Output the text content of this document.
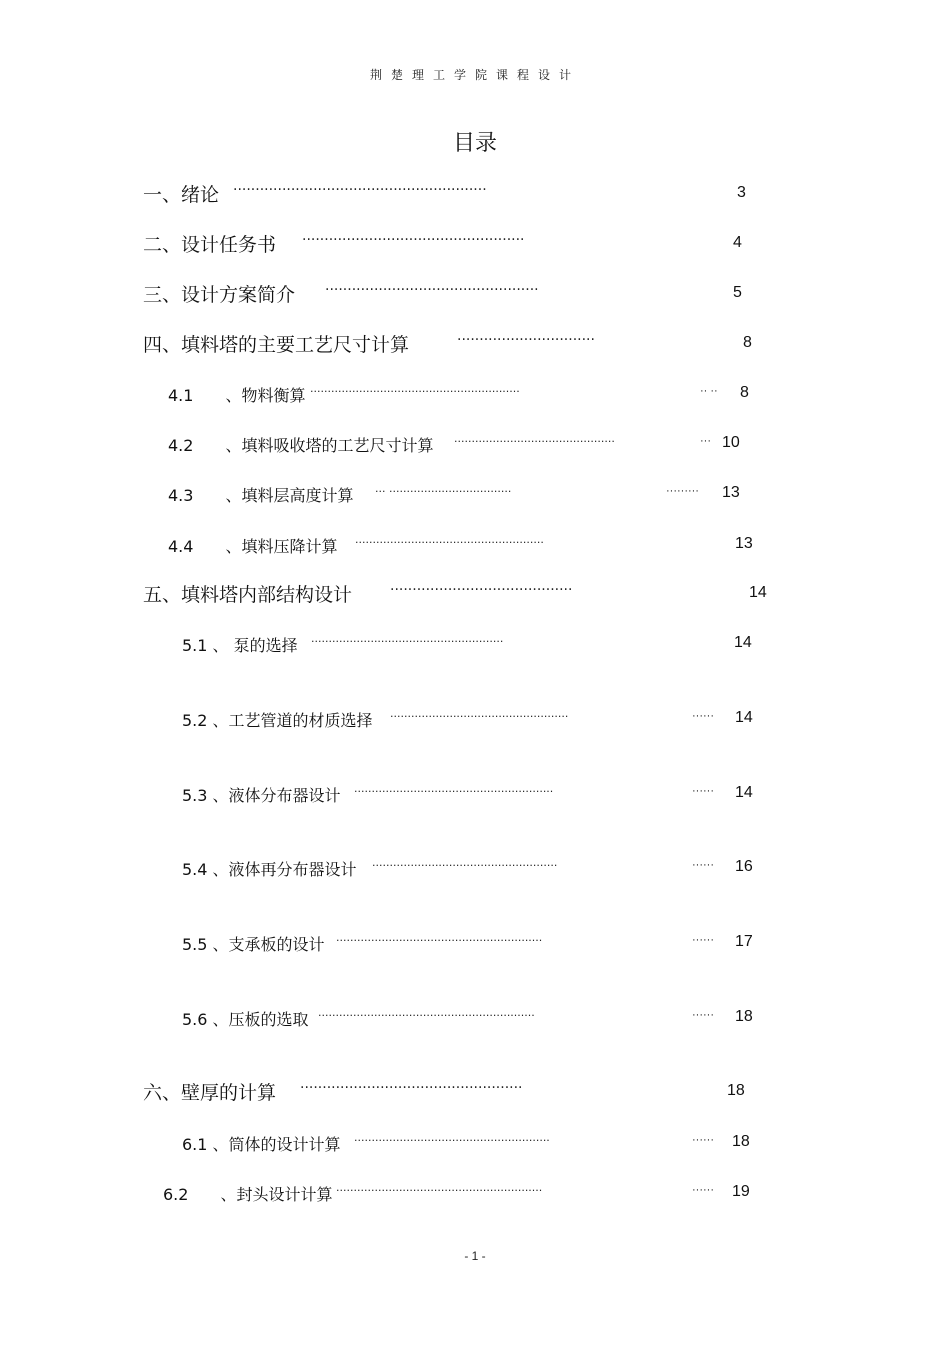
荆楚理工学院课程设计
目录
一、绪论 ·························································	3
二、设计任务书 ··················································	4
三、设计方案简介 ················································	5
四、填料塔的主要工艺尺寸计算	·······························	8
4.1　　、物料衡算 ····························································	·· ·· 8
4.2　　、填料吸收塔的工艺尺寸计算 ··············································	··· 10
4.3　　、填料层高度计算 ··· ···································	········· 13
4.4　　、填料压降计算 ······················································	13
五、填料塔内部结构设计	·········································	14
5.1 、 泵的选择 ·······················································	14
5.2 、工艺管道的材质选择 ···················································	······ 14
5.3 、液体分布器设计 ·························································	······ 14
5.4 、液体再分布器设计 ·····················································	······ 16
5.5 、支承板的设计 ···························································	······ 17
5.6 、压板的选取 ······························································	······ 18
六、壁厚的计算 ··················································	18
6.1 、筒体的设计计算 ························································	······ 18
6.2　　、封头设计计算 ···························································	······ 19
- 1 -
